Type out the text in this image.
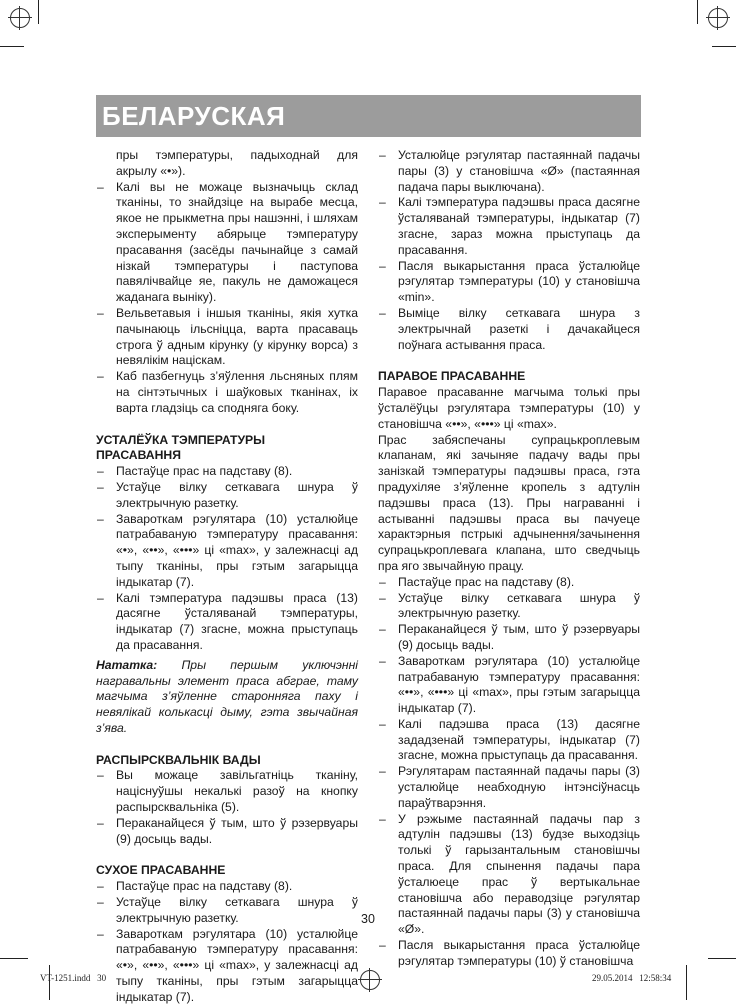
БЕЛАРУСКАЯ
пры тэмпературы, падыходнай для акрылу «•»).
– Калі вы не можаце вызначыць склад тканіны, то знайдзіце на вырабе месца, якое не прыкметна пры нашэнні, і шляхам эксперыменту абярыце тэмпературу прасавання (засёды пачынайце з самай нізкай тэмпературы і паступова павялічвайце яе, пакуль не даможацеся жаданага выніку).
– Вельветавыя і іншыя тканіны, якія хутка пачынаюць ільсніцца, варта прасаваць строга ў адным кірунку (у кірунку ворса) з невялікім націскам.
– Каб пазбегнуць з’яўлення льсняных плям на сінтэтычных і шаўковых тканінах, іх варта гладзіць са сподняга боку.
УСТАЛЁЎКА ТЭМПЕРАТУРЫ
ПРАСАВАННЯ
– Пастаўце прас на падставу (8).
– Устаўце вілку сеткавага шнура ў электрычную разетку.
– Завароткам рэгулятара (10) усталюйце патрабаваную тэмпературу прасавання: «•», «••», «•••» ці «max», у залежнасці ад тыпу тканіны, пры гэтым загарыцца індыкатар (7).
– Калі тэмпература падэшвы праса (13) дасягне ўсталяванай тэмпературы, індыкатар (7) згасне, можна прыступаць да прасавання.
Нататка: Пры першым уключэнні награвальны элемент праса абграе, таму магчыма з’яўленне старонняга паху і невялікай колькасці дыму, гэта звычайная з’ява.
РАСПЫРСКВАЛЬНІК ВАДЫ
– Вы можаце завільгатніць тканіну, націснуўшы некалькі разоў на кнопку распырсквальніка (5).
– Пераканайцеся ў тым, што ў рэзервуары (9) досыць вады.
СУХОЕ ПРАСАВАННЕ
– Пастаўце прас на падставу (8).
– Устаўце вілку сеткавага шнура ў электрычную разетку.
– Завароткам рэгулятара (10) усталюйце патрабаваную тэмпературу прасавання: «•», «••», «•••» ці «max», у залежнасці ад тыпу тканіны, пры гэтым загарыцца індыкатар (7).
– Усталюйце рэгулятар пастаяннай падачы пары (3) у становішча «Ø» (пастаянная падача пары выключана).
– Калі тэмпература падэшвы праса дасягне ўсталяванай тэмпературы, індыкатар (7) згасне, зараз можна прыступаць да прасавання.
– Пасля выкарыстання праса ўсталюйце рэгулятар тэмпературы (10) у становішча «min».
– Выміце вілку сеткавага шнура з электрычнай разеткі і дачакайцеся поўнага астывання праса.
ПАРАВОЕ ПРАСАВАННЕ

Паравое прасаванне магчыма толькі пры ўсталёўцы рэгулятара тэмпературы (10) у становішча «••», «•••» ці «max».

Прас забяспечаны супрацькроплевым клапанам, які зачыняе падачу вады пры занізкай тэмпературы падэшвы праса, гэта прадухіляе з’яўленне кропель з адтулін падэшвы праса (13). Пры награванні і астыванні падэшвы праса вы пачуеце характэрныя пстрыкі адчынення/зачынення супрацькроплевага клапана, што сведчыць пра яго звычайную працу.

– Пастаўце прас на падставу (8).
– Устаўце вілку сеткавага шнура ў электрычную разетку.
– Пераканайцеся ў тым, што ў рэзервуары (9) досыць вады.
– Завароткам рэгулятара (10) усталюйце патрабаваную тэмпературу прасавання: «••», «•••» ці «max», пры гэтым загарыцца індыкатар (7).
– Калі падэшва праса (13) дасягне зададзенай тэмпературы, індыкатар (7) згасне, можна прыступаць да прасавання.
– Рэгулятарам пастаяннай падачы пары (3) усталюйце неабходную інтэнсіўнасць параўтварэння.
– У рэжыме пастаяннай падачы пар з адтулін падэшвы (13) будзе выходзіць толькі ў гарызантальным становішчы праса. Для спынення падачы пара ўсталюеце прас ў вертыкальнае становішча або пераводзіце рэгулятар пастаяннай падачы пары (3) у становішча «Ø».
– Пасля выкарыстання праса ўсталюйце рэгулятар тэмпературы (10) ў становішча
30
VT-1251.indd   30	29.05.2014   12:58:34
